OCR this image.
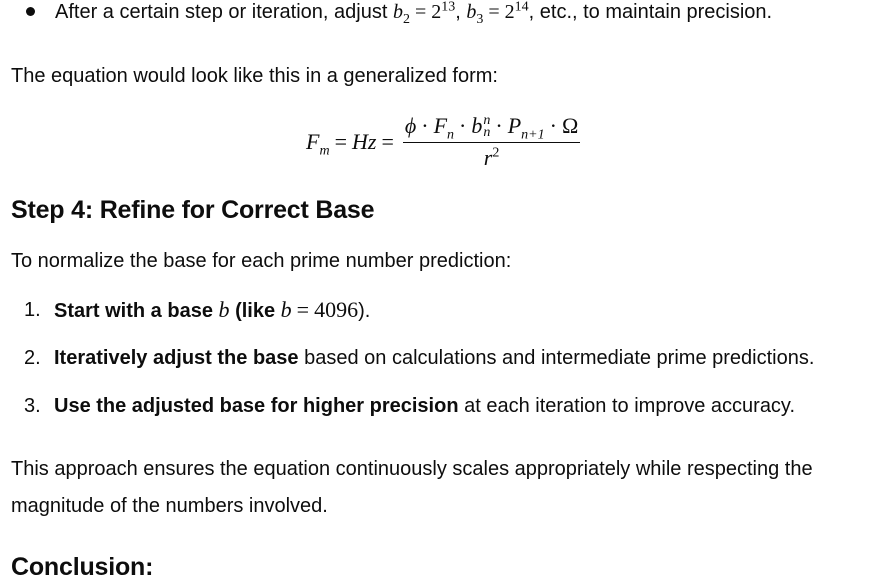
After a certain step or iteration, adjust $b_2 = 2^{13}$, $b_3 = 2^{14}$, etc., to maintain precision.

The equation would look like this in a generalized form:

$F_m = Hz = \phi \cdot F_n \cdot b$ n
$n \cdot P_{n+1} \cdot \Omega$
$r^2$
Step 4: Refine for Correct Base

To normalize the base for each prime number prediction:

1. Start with a base b (like b = 4096).
2. Iteratively adjust the base based on calculations and intermediate prime predictions.
3. Use the adjusted base for higher precision at each iteration to improve accuracy.

This approach ensures the equation continuously scales appropriately while respecting the

magnitude of the numbers involved.

Conclusion:
